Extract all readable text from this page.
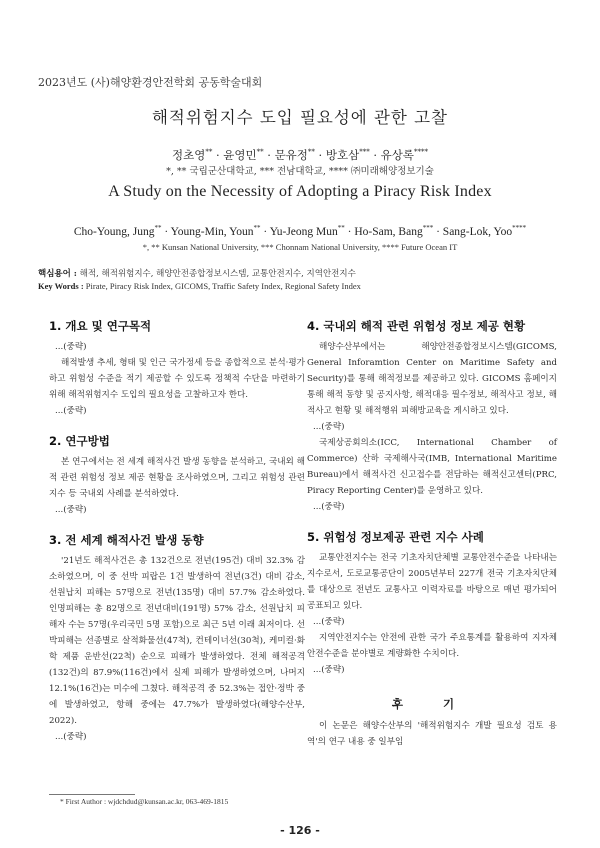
2023년도 (사)해양환경안전학회 공동학술대회
해적위험지수 도입 필요성에 관한 고찰
정초영** · 윤영민** · 문유정** · 방호삼*** · 유상록****
*, ** 국립군산대학교, *** 전남대학교, **** ㈜미래해양정보기술
A Study on the Necessity of Adopting a Piracy Risk Index
Cho-Young, Jung** · Young-Min, Youn** · Yu-Jeong Mun** · Ho-Sam, Bang*** · Sang-Lok, Yoo****
*, ** Kunsan National University, *** Chonnam National University, **** Future Ocean IT
핵심용어 : 해적, 해적위험지수, 해양안전종합정보시스템, 교통안전지수, 지역안전지수
Key Words : Pirate, Piracy Risk Index, GICOMS, Traffic Safety Index, Regional Safety Index
1. 개요 및 연구목적

...(중략)

해적발생 추세, 형태 및 인근 국가정세 등을 종합적으로 분석·평가하고 위험성 수준을 적기 제공할 수 있도록 정책적 수단을 마련하기 위해 해적위험지수 도입의 필요성을 고찰하고자 한다.

...(중략)

2. 연구방법

본 연구에서는 전 세계 해적사건 발생 동향을 분석하고, 국내외 해적 관련 위험성 정보 제공 현황을 조사하였으며, 그리고 위험성 관련 지수 등 국내외 사례를 분석하였다.

...(중략)

3. 전 세계 해적사건 발생 동향

'21년도 해적사건은 총 132건으로 전년(195건) 대비 32.3% 감소하였으며, 이 중 선박 피랍은 1건 발생하여 전년(3건) 대비 감소, 선원납치 피해는 57명으로 전년(135명) 대비 57.7% 감소하였다. 인명피해는 총 82명으로 전년대비(191명) 57% 감소, 선원납치 피해자 수는 57명(우리국민 5명 포함)으로 최근 5년 이래 최저이다. 선박피해는 선종별로 살적화물선(47척), 컨테이너선(30척), 케미컬·화학 제품 운반선(22척) 순으로 피해가 발생하였다. 전체 해적공격(132건)의 87.9%(116건)에서 실제 피해가 발생하였으며, 나머지 12.1%(16건)는 미수에 그쳤다. 해적공격 중 52.3%는 접안·정박 중에 발생하였고, 항해 중에는 47.7%가 발생하였다(해양수산부, 2022).

...(중략)

4. 국내외 해적 관련 위험성 정보 제공 현황

해양수산부에서는 해양안전종합정보시스템(GICOMS, General Inforamtion Center on Maritime Safety and Security)를 통해 해적정보를 제공하고 있다. GICOMS 홈페이지 통해 해적 동향 및 공지사항, 해적대응 필수정보, 해적사고 정보, 해적사고 현황 및 해적행위 피해방교육을 게시하고 있다.

...(중략)

국제상공회의소(ICC, International Chamber of Commerce) 산하 국제해사국(IMB, International Maritime Bureau)에서 해적사건 신고접수를 전담하는 해적신고센터(PRC, Piracy Reporting Center)를 운영하고 있다.

...(중략)

5. 위험성 정보제공 관련 지수 사례

교통안전지수는 전국 기초자치단체별 교통안전수준을 나타내는 지수로서, 도로교통공단이 2005년부터 227개 전국 기초자치단체를 대상으로 전년도 교통사고 이력자료를 바탕으로 매년 평가되어 공표되고 있다.

...(중략)

지역안전지수는 안전에 관한 국가 주요통계를 활용하여 지자체 안전수준을 분야별로 계량화한 수치이다.

...(중략)

후 기

이 논문은 해양수산부의 '해적위험지수 개발 필요성 검토 용역'의 연구 내용 중 일부임

* First Author : wjdchdud@kunsan.ac.kr, 063-469-1815
- 126 -
